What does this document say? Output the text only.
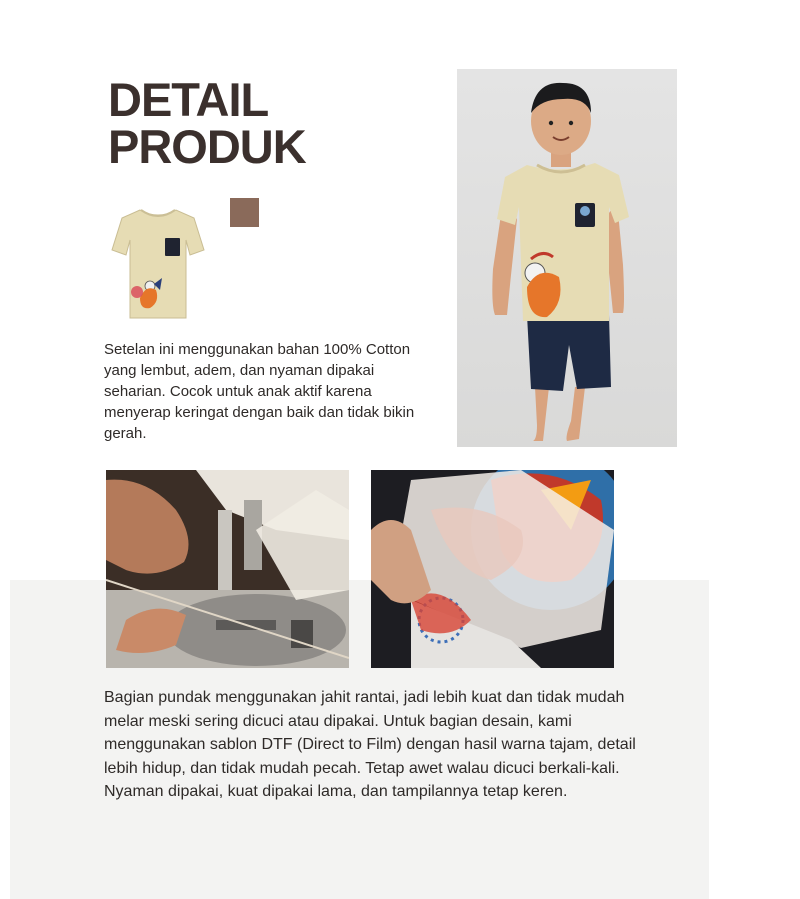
DETAIL
PRODUK

Setelan ini menggunakan bahan 100% Cotton yang lembut, adem, dan nyaman dipakai seharian. Cocok untuk anak aktif karena menyerap keringat dengan baik dan tidak bikin gerah.

Bagian pundak menggunakan jahit rantai, jadi lebih kuat dan tidak mudah melar meski sering dicuci atau dipakai. Untuk bagian desain, kami menggunakan sablon DTF (Direct to Film) dengan hasil warna tajam, detail lebih hidup, dan tidak mudah pecah. Tetap awet walau dicuci berkali-kali. Nyaman dipakai, kuat dipakai lama, dan tampilannya tetap keren.
